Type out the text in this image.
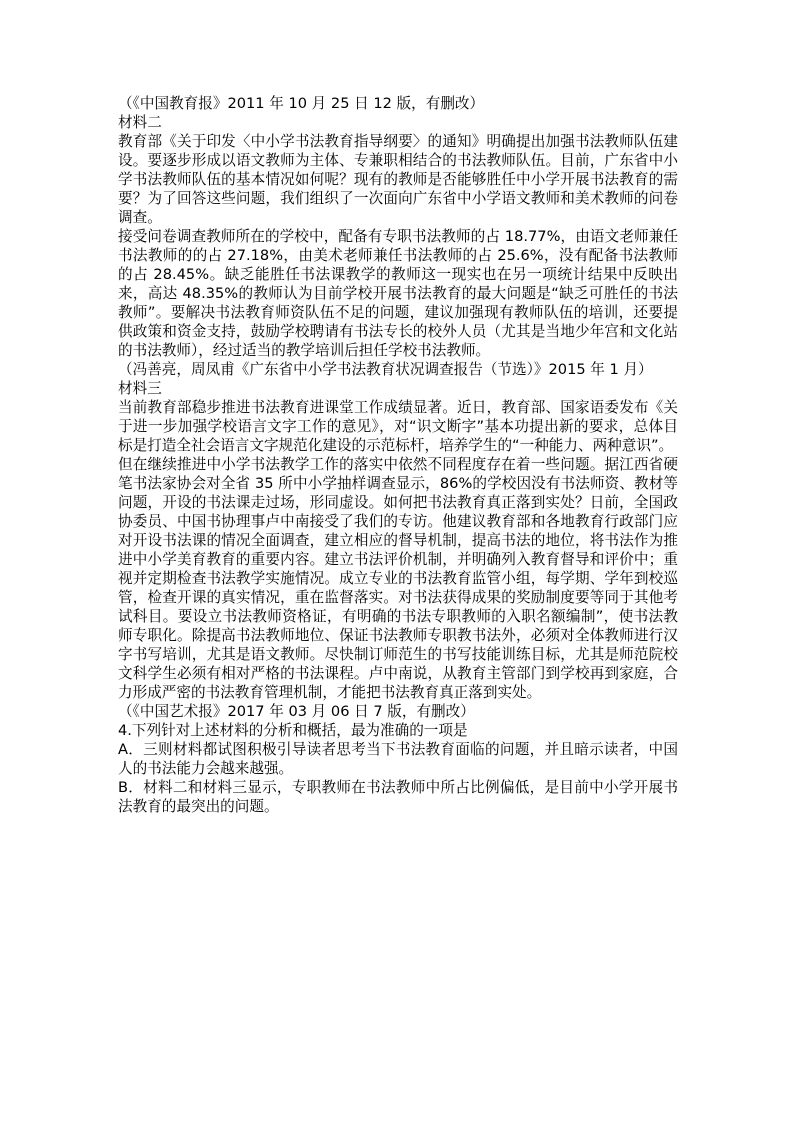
（《中国教育报》2011 年 10 月 25 日 12 版，有删改）

材料二

教育部《关于印发〈中小学书法教育指导纲要〉的通知》明确提出加强书法教师队伍建设。要逐步形成以语文教师为主体、专兼职相结合的书法教师队伍。目前，广东省中小学书法教师队伍的基本情况如何呢？现有的教师是否能够胜任中小学开展书法教育的需要？为了回答这些问题，我们组织了一次面向广东省中小学语文教师和美术教师的问卷调查。

接受问卷调查教师所在的学校中，配备有专职书法教师的占 18.77%，由语文老师兼任书法教师的的占 27.18%，由美术老师兼任书法教师的占 25.6%，没有配备书法教师的占 28.45%。缺乏能胜任书法课教学的教师这一现实也在另一项统计结果中反映出来，高达 48.35%的教师认为目前学校开展书法教育的最大问题是“缺乏可胜任的书法教师”。要解决书法教育师资队伍不足的问题，建议加强现有教师队伍的培训，还要提供政策和资金支持，鼓励学校聘请有书法专长的校外人员（尤其是当地少年宫和文化站的书法教师），经过适当的教学培训后担任学校书法教师。

（冯善亮，周凤甫《广东省中小学书法教育状况调查报告（节选）》2015 年 1 月）

材料三

当前教育部稳步推进书法教育进课堂工作成绩显著。近日，教育部、国家语委发布《关于进一步加强学校语言文字工作的意见》，对“识文断字”基本功提出新的要求，总体目标是打造全社会语言文字规范化建设的示范标杆，培养学生的“一种能力、两种意识”。

但在继续推进中小学书法教学工作的落实中依然不同程度存在着一些问题。据江西省硬笔书法家协会对全省 35 所中小学抽样调查显示，86%的学校因没有书法师资、教材等问题，开设的书法课走过场，形同虚设。如何把书法教育真正落到实处？日前，全国政协委员、中国书协理事卢中南接受了我们的专访。他建议教育部和各地教育行政部门应对开设书法课的情况全面调查，建立相应的督导机制，提高书法的地位，将书法作为推进中小学美育教育的重要内容。建立书法评价机制，并明确列入教育督导和评价中；重视并定期检查书法教学实施情况。成立专业的书法教育监管小组，每学期、学年到校巡管，检查开课的真实情况，重在监督落实。对书法获得成果的奖励制度要等同于其他考试科目。要设立书法教师资格证，有明确的书法专职教师的入职名额编制”，使书法教师专职化。除提高书法教师地位、保证书法教师专职教书法外，必须对全体教师进行汉字书写培训，尤其是语文教师。尽快制订师范生的书写技能训练目标，尤其是师范院校文科学生必须有相对严格的书法课程。卢中南说，从教育主管部门到学校再到家庭，合力形成严密的书法教育管理机制，才能把书法教育真正落到实处。

（《中国艺术报》2017 年 03 月 06 日 7 版，有删改）

4.下列针对上述材料的分析和概括，最为准确的一项是

A．三则材料都试图积极引导读者思考当下书法教育面临的问题，并且暗示读者，中国人的书法能力会越来越强。

B．材料二和材料三显示，专职教师在书法教师中所占比例偏低，是目前中小学开展书法教育的最突出的问题。
